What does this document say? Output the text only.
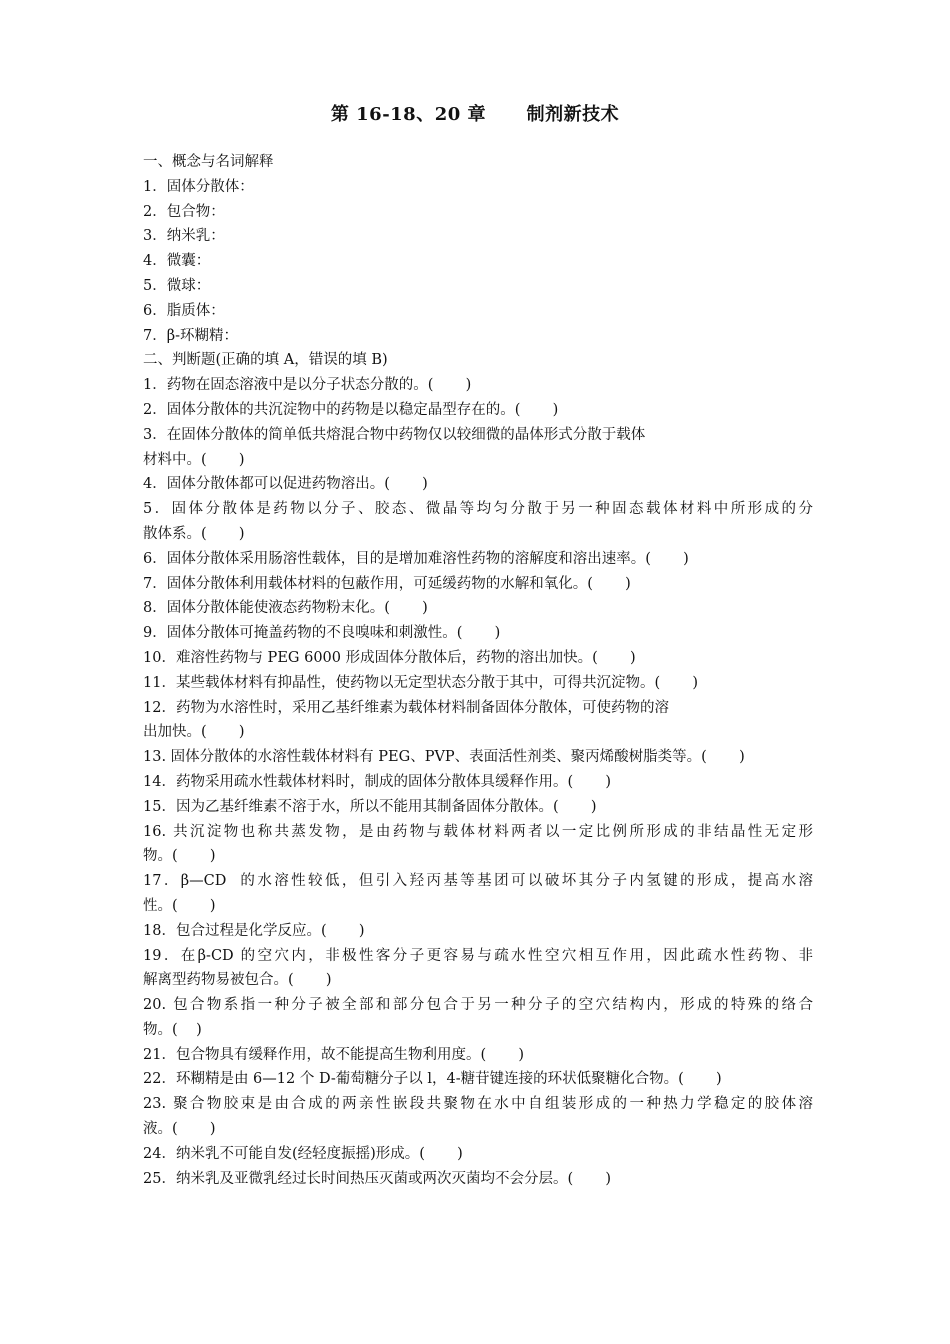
第 16-18、20 章      制剂新技术
一、概念与名词解释
1．固体分散体：
2．包合物：
3．纳米乳：
4．微囊：
5．微球：
6．脂质体：
7．β-环糊精：
二、判断题(正确的填 A，错误的填 B)
1．药物在固态溶液中是以分子状态分散的。(       )
2．固体分散体的共沉淀物中的药物是以稳定晶型存在的。(       )
3．在固体分散体的简单低共熔混合物中药物仅以较细微的晶体形式分散于载体
材料中。(       )
4．固体分散体都可以促进药物溶出。(       )
5．固体分散体是药物以分子、胶态、微晶等均匀分散于另一种固态载体材料中所形成的分
散体系。(       )
6．固体分散体采用肠溶性载体，目的是增加难溶性药物的溶解度和溶出速率。(       )
7．固体分散体利用载体材料的包蔽作用，可延缓药物的水解和氧化。(       )
8．固体分散体能使液态药物粉末化。(       )
9．固体分散体可掩盖药物的不良嗅味和刺激性。(       )
10．难溶性药物与 PEG 6000 形成固体分散体后，药物的溶出加快。(       )
11．某些载体材料有抑晶性，使药物以无定型状态分散于其中，可得共沉淀物。(       )
12．药物为水溶性时，采用乙基纤维素为载体材料制备固体分散体，可使药物的溶
出加快。(       )
13. 固体分散体的水溶性载体材料有 PEG、PVP、表面活性剂类、聚丙烯酸树脂类等。(       )
14．药物采用疏水性载体材料时，制成的固体分散体具缓释作用。(       )
15．因为乙基纤维素不溶于水，所以不能用其制备固体分散体。(       )
16. 共沉淀物也称共蒸发物，是由药物与载体材料两者以一定比例所形成的非结晶性无定形
物。(       )
17．β—CD  的水溶性较低，但引入羟丙基等基团可以破坏其分子内氢键的形成，提高水溶
性。(       )
18．包合过程是化学反应。(       )
19．在β-CD 的空穴内，非极性客分子更容易与疏水性空穴相互作用，因此疏水性药物、非
解离型药物易被包合。(       )
20. 包合物系指一种分子被全部和部分包合于另一种分子的空穴结构内，形成的特殊的络合
物。(    )
21．包合物具有缓释作用，故不能提高生物利用度。(       )
22．环糊精是由 6—12 个 D-葡萄糖分子以 l，4-糖苷键连接的环状低聚糖化合物。(       )
23. 聚合物胶束是由合成的两亲性嵌段共聚物在水中自组装形成的一种热力学稳定的胶体溶
液。(       )
24．纳米乳不可能自发(经轻度振摇)形成。(       )
25．纳米乳及亚微乳经过长时间热压灭菌或两次灭菌均不会分层。(       )
